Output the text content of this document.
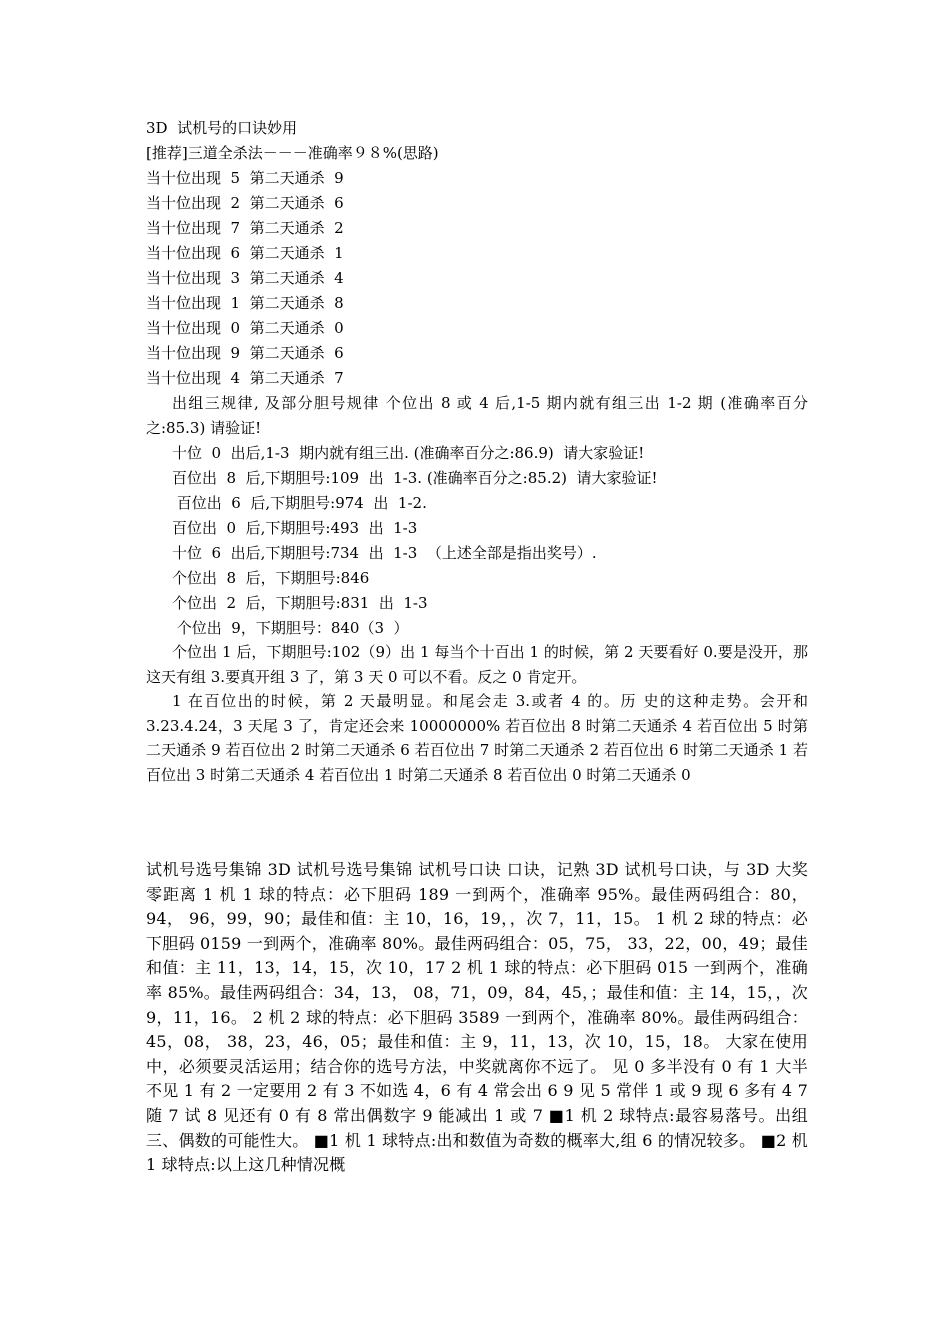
3D  试机号的口诀妙用
[推荐]三道全杀法－－－准确率９８%(思路)
当十位出现  5  第二天通杀  9
当十位出现  2  第二天通杀  6
当十位出现  7  第二天通杀  2
当十位出现  6  第二天通杀  1
当十位出现  3  第二天通杀  4
当十位出现  1  第二天通杀  8
当十位出现  0  第二天通杀  0
当十位出现  9  第二天通杀  6
当十位出现  4  第二天通杀  7
出组三规律, 及部分胆号规律 个位出 8 或 4 后,1-5 期内就有组三出 1-2 期 (准确率百分之:85.3) 请验证!
十位  0  出后,1-3  期内就有组三出. (准确率百分之:86.9)  请大家验证!
百位出  8  后,下期胆号:109  出  1-3. (准确率百分之:85.2)  请大家验证!
百位出  6  后,下期胆号:974  出  1-2.
百位出  0  后,下期胆号:493  出  1-3
十位  6  出后,下期胆号:734  出  1-3  （上述全部是指出奖号）.
个位出  8  后，下期胆号:846
个位出  2  后，下期胆号:831  出  1-3
个位出  9，下期胆号：840（3  ）
个位出 1 后，下期胆号:102（9）出 1 每当个十百出 1 的时候，第 2 天要看好 0.要是没开，那这天有组 3.要真开组 3 了，第 3 天 0 可以不看。反之 0 肯定开。
1 在百位出的时候，第 2 天最明显。和尾会走 3.或者 4 的。历 史的这种走势。会开和 3.23.4.24，3 天尾 3 了，肯定还会来 10000000% 若百位出 8 时第二天通杀 4 若百位出 5 时第二天通杀 9 若百位出 2 时第二天通杀 6 若百位出 7 时第二天通杀 2 若百位出 6 时第二天通杀 1 若百位出 3 时第二天通杀 4 若百位出 1 时第二天通杀 8 若百位出 0 时第二天通杀 0
试机号选号集锦 3D 试机号选号集锦 试机号口诀 口诀，记熟 3D 试机号口诀，与 3D 大奖零距离 1 机 1 球的特点：必下胆码 189 一到两个，准确率 95%。最佳两码组合：80，94， 96，99，90；最佳和值：主 10，16，19，，次 7，11，15。 1 机 2 球的特点：必下胆码 0159 一到两个，准确率 80%。最佳两码组合：05，75， 33，22，00，49；最佳和值：主 11，13，14，15，次 10，17 2 机 1 球的特点：必下胆码 015 一到两个，准确率 85%。最佳两码组合：34，13， 08，71，09，84，45，；最佳和值：主 14，15，，次 9，11，16。 2 机 2 球的特点：必下胆码 3589 一到两个，准确率 80%。最佳两码组合：45，08， 38，23，46，05；最佳和值：主 9，11，13，次 10，15，18。 大家在使用中，必须要灵活运用；结合你的选号方法，中奖就离你不远了。 见 0 多半没有 0 有 1 大半不见 1 有 2 一定要用 2 有 3 不如选 4，6 有 4 常会出 6 9 见 5 常伴 1 或 9 现 6 多有 4 7 随 7 试 8 见还有 0 有 8 常出偶数字 9 能减出 1 或 7 ■1 机 2 球特点:最容易落号。出组三、偶数的可能性大。 ■1 机 1 球特点:出和数值为奇数的概率大,组 6 的情况较多。 ■2 机 1 球特点:以上这几种情况概
